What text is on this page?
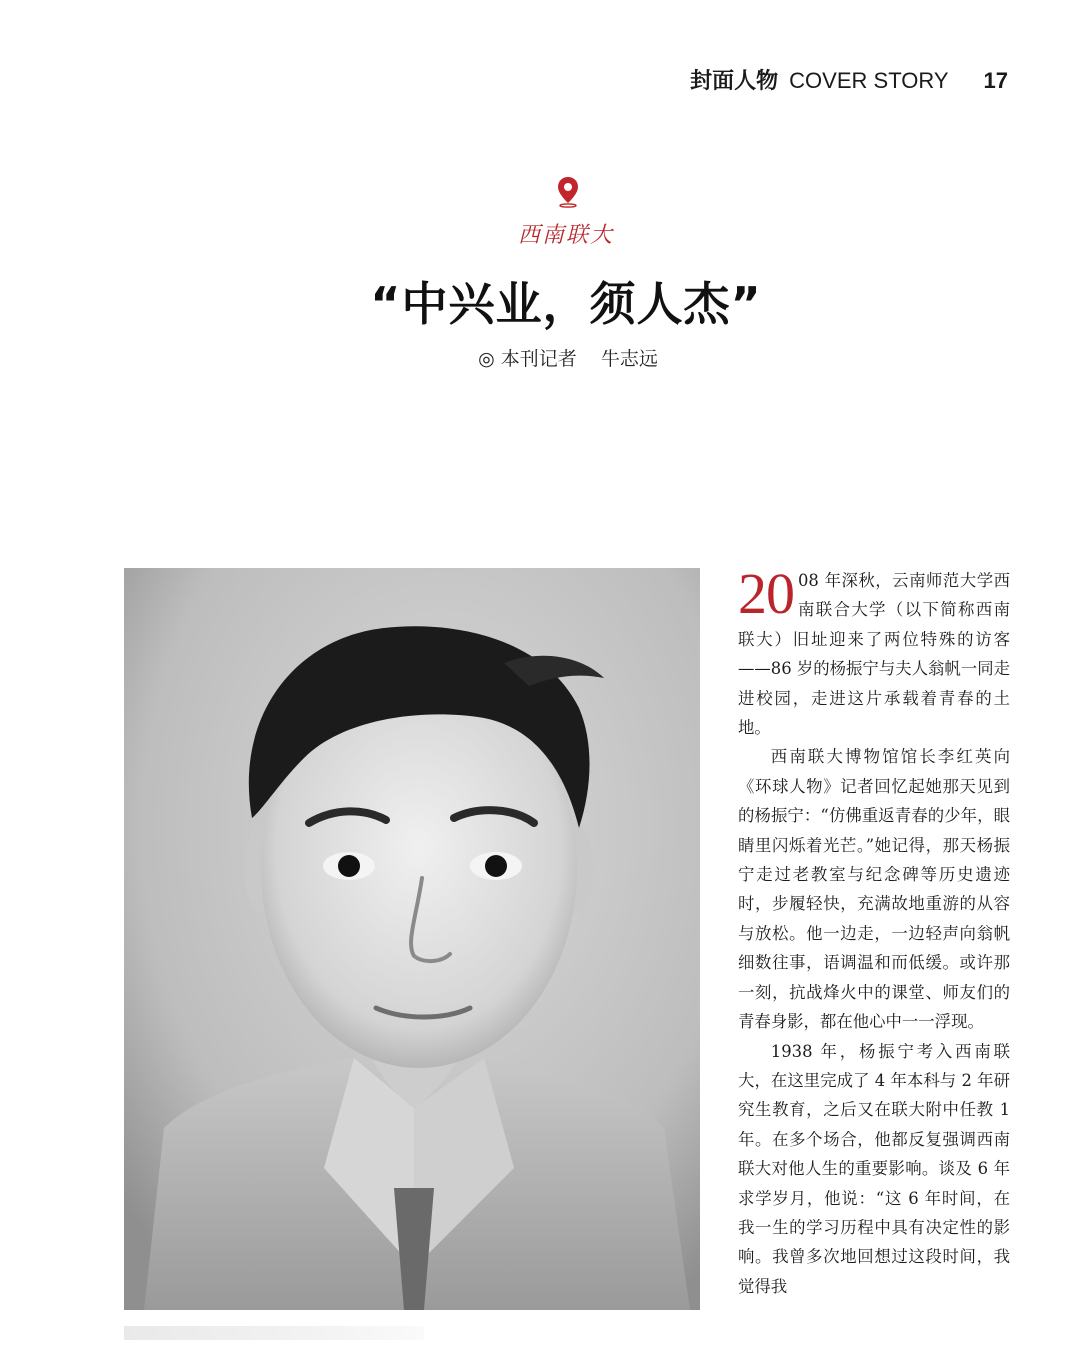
封面人物 COVER STORY 17
西南联大
“中兴业，须人杰”
◎ 本刊记者 牛志远

20 08 年深秋，云南师范大学西南联合大学（以下简称西南联大）旧址迎来了两位特殊的访客——86 岁的杨振宁与夫人翁帆一同走进校园，走进这片承载着青春的土地。

西南联大博物馆馆长李红英向《环球人物》记者回忆起她那天见到的杨振宁：“仿佛重返青春的少年，眼睛里闪烁着光芒。”她记得，那天杨振宁走过老教室与纪念碑等历史遗迹时，步履轻快，充满故地重游的从容与放松。他一边走，一边轻声向翁帆细数往事，语调温和而低缓。或许那一刻，抗战烽火中的课堂、师友们的青春身影，都在他心中一一浮现。

1938 年，杨振宁考入西南联大，在这里完成了 4 年本科与 2 年研究生教育，之后又在联大附中任教 1 年。在多个场合，他都反复强调西南联大对他人生的重要影响。谈及 6 年求学岁月，他说：“这 6 年时间，在我一生的学习历程中具有决定性的影响。我曾多次地回想过这段时间，我觉得我
